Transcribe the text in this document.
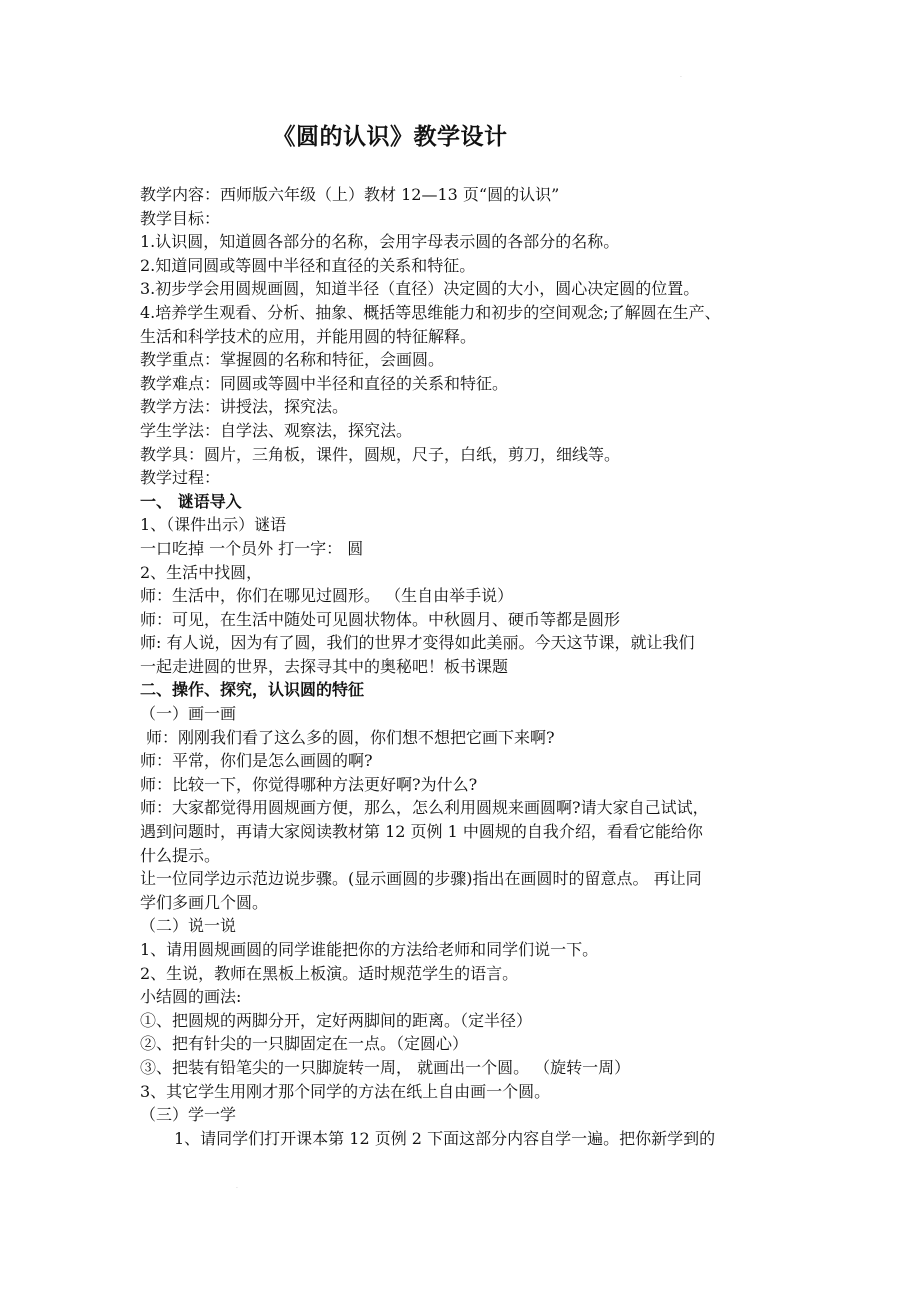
·
《圆的认识》教学设计
教学内容：西师版六年级（上）教材 12—13 页“圆的认识”
教学目标：
1.认识圆，知道圆各部分的名称，会用字母表示圆的各部分的名称。
2.知道同圆或等圆中半径和直径的关系和特征。
3.初步学会用圆规画圆，知道半径（直径）决定圆的大小，圆心决定圆的位置。
4.培养学生观看、分析、抽象、概括等思维能力和初步的空间观念;了解圆在生产、
生活和科学技术的应用，并能用圆的特征解释。
教学重点：掌握圆的名称和特征，会画圆。
教学难点：同圆或等圆中半径和直径的关系和特征。
教学方法：讲授法，探究法。
学生学法：自学法、观察法，探究法。
教学具：圆片，三角板，课件，圆规，尺子，白纸，剪刀，细线等。
教学过程：
一、 谜语导入
1、（课件出示）谜语
一口吃掉 一个员外 打一字： 圆
2、生活中找圆，
师：生活中，你们在哪见过圆形。 （生自由举手说）
师：可见，在生活中随处可见圆状物体。中秋圆月、硬币等都是圆形
师: 有人说，因为有了圆，我们的世界才变得如此美丽。今天这节课，就让我们
一起走进圆的世界，去探寻其中的奥秘吧！板书课题
二、操作、探究，认识圆的特征
（一）画一画
师：刚刚我们看了这么多的圆，你们想不想把它画下来啊?
师：平常，你们是怎么画圆的啊?
师：比较一下，你觉得哪种方法更好啊?为什么?
师：大家都觉得用圆规画方便，那么，怎么利用圆规来画圆啊?请大家自己试试，
遇到问题时，再请大家阅读教材第 12 页例 1 中圆规的自我介绍，看看它能给你
什么提示。
让一位同学边示范边说步骤。(显示画圆的步骤)指出在画圆时的留意点。 再让同
学们多画几个圆。
（二）说一说
1、请用圆规画圆的同学谁能把你的方法给老师和同学们说一下。
2、生说，教师在黑板上板演。适时规范学生的语言。
小结圆的画法:
①、把圆规的两脚分开，定好两脚间的距离。（定半径）
②、把有针尖的一只脚固定在一点。（定圆心）
③、把装有铅笔尖的一只脚旋转一周， 就画出一个圆。 （旋转一周）
3、其它学生用刚才那个同学的方法在纸上自由画一个圆。
（三）学一学
1、请同学们打开课本第 12 页例 2 下面这部分内容自学一遍。把你新学到的
·
